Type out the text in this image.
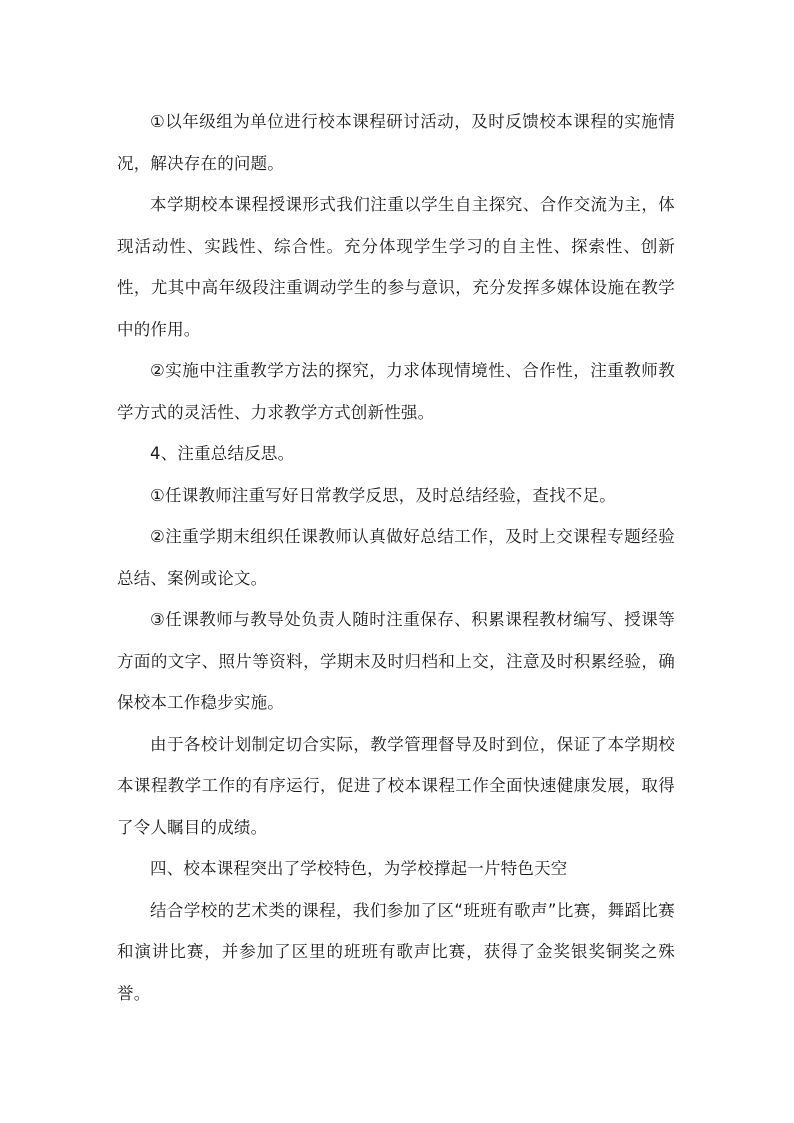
①以年级组为单位进行校本课程研讨活动，及时反馈校本课程的实施情况，解决存在的问题。

本学期校本课程授课形式我们注重以学生自主探究、合作交流为主，体现活动性、实践性、综合性。充分体现学生学习的自主性、探索性、创新性，尤其中高年级段注重调动学生的参与意识，充分发挥多媒体设施在教学中的作用。

②实施中注重教学方法的探究，力求体现情境性、合作性，注重教师教学方式的灵活性、力求教学方式创新性强。

4、注重总结反思。

①任课教师注重写好日常教学反思，及时总结经验，查找不足。

②注重学期末组织任课教师认真做好总结工作，及时上交课程专题经验总结、案例或论文。

③任课教师与教导处负责人随时注重保存、积累课程教材编写、授课等方面的文字、照片等资料，学期末及时归档和上交，注意及时积累经验，确保校本工作稳步实施。

由于各校计划制定切合实际，教学管理督导及时到位，保证了本学期校本课程教学工作的有序运行，促进了校本课程工作全面快速健康发展，取得了令人瞩目的成绩。

四、校本课程突出了学校特色，为学校撑起一片特色天空

结合学校的艺术类的课程，我们参加了区“班班有歌声”比赛，舞蹈比赛和演讲比赛，并参加了区里的班班有歌声比赛，获得了金奖银奖铜奖之殊誉。
